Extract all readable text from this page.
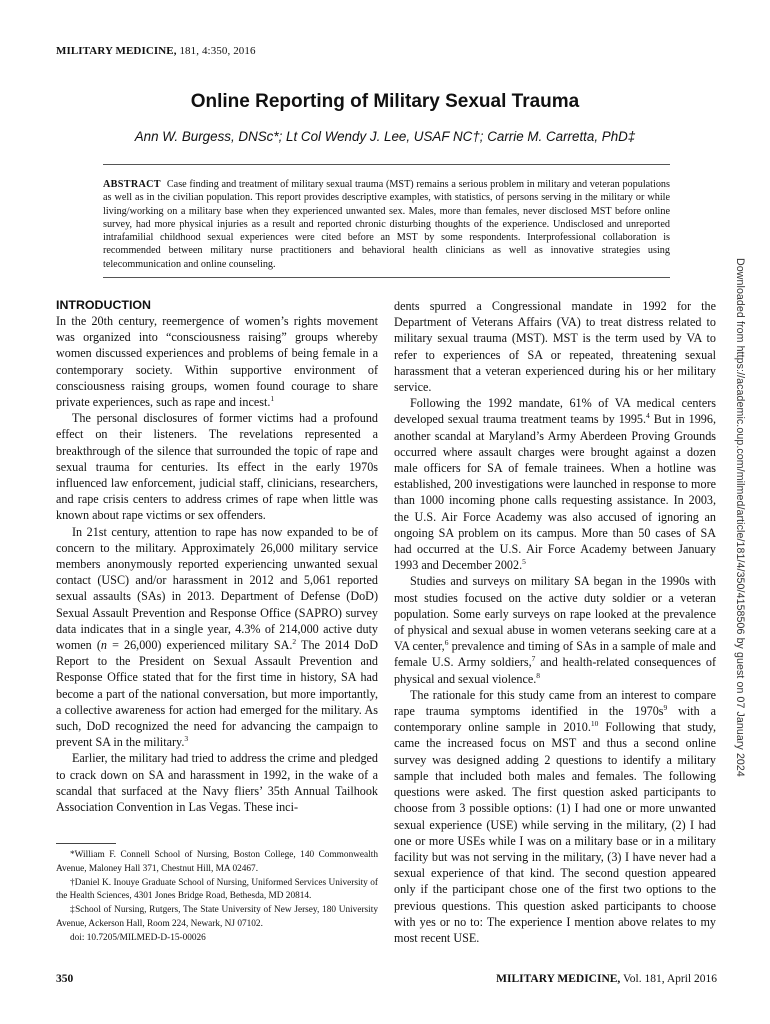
MILITARY MEDICINE, 181, 4:350, 2016
Online Reporting of Military Sexual Trauma
Ann W. Burgess, DNSc*; Lt Col Wendy J. Lee, USAF NC†; Carrie M. Carretta, PhD‡
ABSTRACT Case finding and treatment of military sexual trauma (MST) remains a serious problem in military and veteran populations as well as in the civilian population. This report provides descriptive examples, with statistics, of persons serving in the military or while living/working on a military base when they experienced unwanted sex. Males, more than females, never disclosed MST before online survey, had more physical injuries as a result and reported chronic disturbing thoughts of the experience. Undisclosed and unreported intrafamilial childhood sexual experiences were cited before an MST by some respondents. Interprofessional collaboration is recommended between military nurse practitioners and behavioral health clinicians as well as innovative strategies using telecommunication and online counseling.
INTRODUCTION

In the 20th century, reemergence of women’s rights movement was organized into “consciousness raising” groups whereby women discussed experiences and problems of being female in a contemporary society. Within supportive environment of consciousness raising groups, women found courage to share private experiences, such as rape and incest.$^1$

The personal disclosures of former victims had a profound effect on their listeners. The revelations represented a breakthrough of the silence that surrounded the topic of rape and sexual trauma for centuries. Its effect in the early 1970s influenced law enforcement, judicial staff, clinicians, researchers, and rape crisis centers to address crimes of rape when little was known about rape victims or sex offenders.

In 21st century, attention to rape has now expanded to be of concern to the military. Approximately 26,000 military service members anonymously reported experiencing unwanted sexual contact (USC) and/or harassment in 2012 and 5,061 reported sexual assaults (SAs) in 2013. Department of Defense (DoD) Sexual Assault Prevention and Response Office (SAPRO) survey data indicates that in a single year, 4.3% of 214,000 active duty women (n = 26,000) experienced military SA.$^2$ The 2014 DoD Report to the President on Sexual Assault Prevention and Response Office stated that for the first time in history, SA had become a part of the national conversation, but more importantly, a collective awareness for action had emerged for the military. As such, DoD recognized the need for advancing the campaign to prevent SA in the military.$^3$

Earlier, the military had tried to address the crime and pledged to crack down on SA and harassment in 1992, in the wake of a scandal that surfaced at the Navy fliers’ 35th Annual Tailhook Association Convention in Las Vegas. These inci-

dents spurred a Congressional mandate in 1992 for the Department of Veterans Affairs (VA) to treat distress related to military sexual trauma (MST). MST is the term used by VA to refer to experiences of SA or repeated, threatening sexual harassment that a veteran experienced during his or her military service.

Following the 1992 mandate, 61% of VA medical centers developed sexual trauma treatment teams by 1995.$^4$ But in 1996, another scandal at Maryland’s Army Aberdeen Proving Grounds occurred where assault charges were brought against a dozen male officers for SA of female trainees. When a hotline was established, 200 investigations were launched in response to more than 1000 incoming phone calls requesting assistance. In 2003, the U.S. Air Force Academy was also accused of ignoring an ongoing SA problem on its campus. More than 50 cases of SA had occurred at the U.S. Air Force Academy between January 1993 and December 2002.$^5$

Studies and surveys on military SA began in the 1990s with most studies focused on the active duty soldier or a veteran population. Some early surveys on rape looked at the prevalence of physical and sexual abuse in women veterans seeking care at a VA center,$^6$ prevalence and timing of SAs in a sample of male and female U.S. Army soldiers,$^7$ and health-related consequences of physical and sexual violence.$^8$

The rationale for this study came from an interest to compare rape trauma symptoms identified in the $1970s^9$ with a contemporary online sample in 2010.10 Following that study, came the increased focus on MST and thus a second online survey was designed adding 2 questions to identify a military sample that included both males and females. The following questions were asked. The first question asked participants to choose from 3 possible options: (1) I had one or more unwanted sexual experience (USE) while serving in the military, (2) I had one or more USEs while I was on a military base or in a military facility but was not serving in the military, (3) I have never had a sexual experience of that kind. The second question appeared only if the participant chose one of the first two options to the previous questions. This question asked participants to choose with yes or no to: The experience I mention above relates to my most recent USE.

*William F. Connell School of Nursing, Boston College, 140 Commonwealth Avenue, Maloney Hall 371, Chestnut Hill, MA 02467.

†Daniel K. Inouye Graduate School of Nursing, Uniformed Services University of the Health Sciences, 4301 Jones Bridge Road, Bethesda, MD 20814.

‡School of Nursing, Rutgers, The State University of New Jersey, 180 University Avenue, Ackerson Hall, Room 224, Newark, NJ 07102.

doi: 10.7205/MILMED-D-15-00026

350	MILITARY MEDICINE, Vol. 181, April 2016
Downloaded from https://academic.oup.com/milmed/article/181/4/350/4158506 by guest on 07 January 2024
